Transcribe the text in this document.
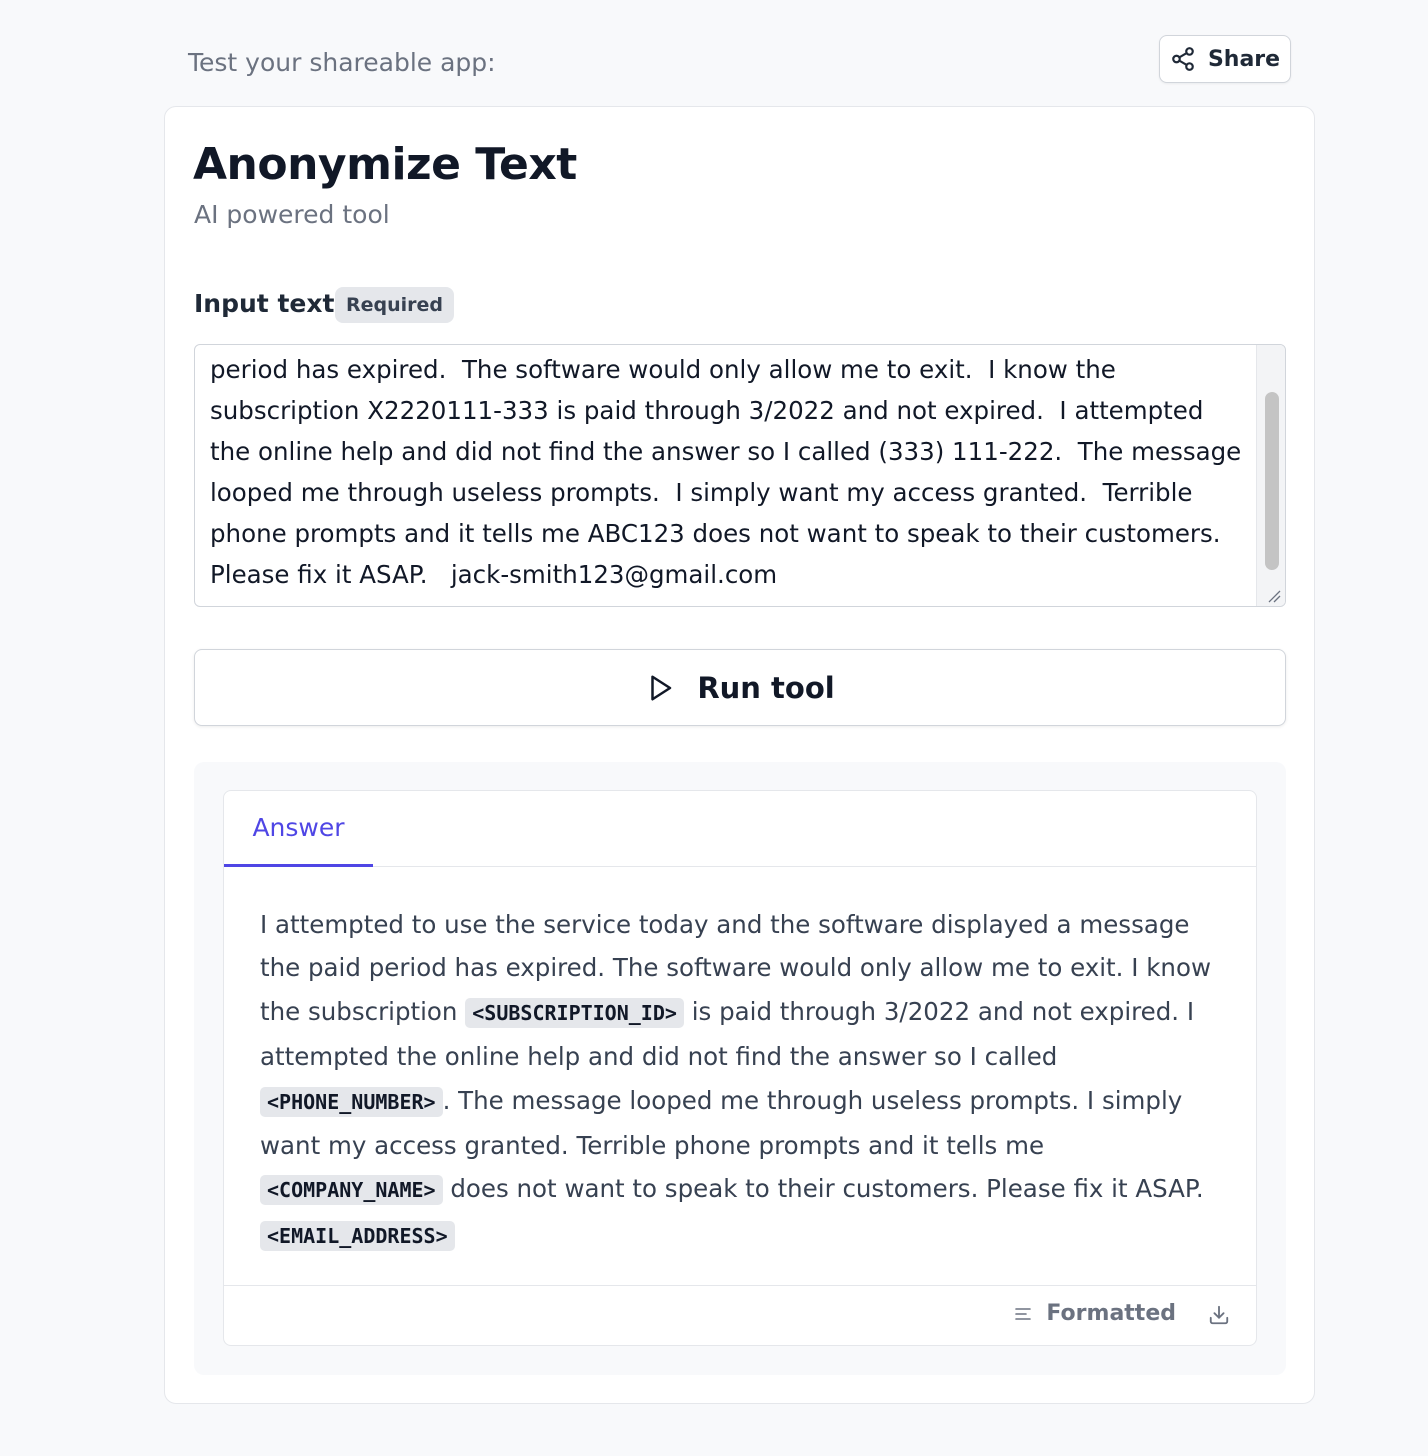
Test your shareable app:	Share
Anonymize Text
AI powered tool
Input text Required
period has expired.  The software would only allow me to exit.  I know the subscription X2220111-333 is paid through 3/2022 and not expired.  I attempted the online help and did not find the answer so I called (333) 111-222.  The message looped me through useless prompts.  I simply want my access granted.  Terrible phone prompts and it tells me ABC123 does not want to speak to their customers.  Please fix it ASAP.   jack-smith123@gmail.com
Run tool
Answer
I attempted to use the service today and the software displayed a message the paid period has expired. The software would only allow me to exit. I know the subscription <SUBSCRIPTION_ID> is paid through 3/2022 and not expired. I attempted the online help and did not find the answer so I called <PHONE_NUMBER> . The message looped me through useless prompts. I simply want my access granted. Terrible phone prompts and it tells me <COMPANY_NAME> does not want to speak to their customers. Please fix it ASAP. <EMAIL_ADDRESS>
Formatted
